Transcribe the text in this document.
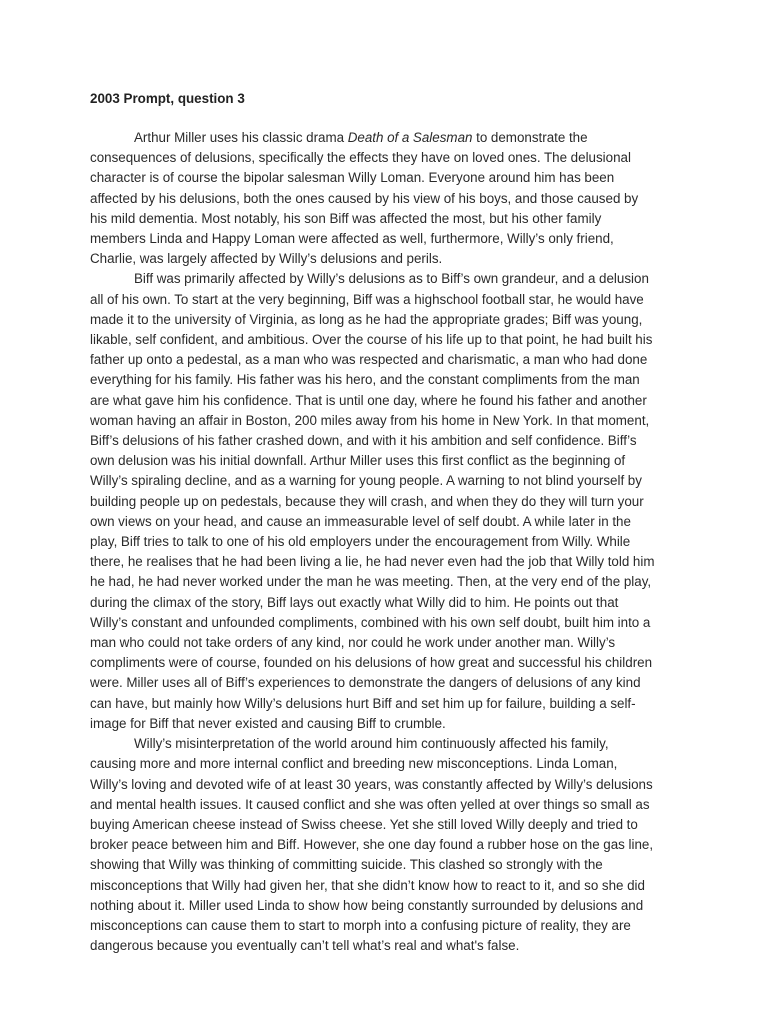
2003 Prompt, question 3

Arthur Miller uses his classic drama Death of a Salesman to demonstrate the
consequences of delusions, specifically the effects they have on loved ones. The delusional
character is of course the bipolar salesman Willy Loman. Everyone around him has been
affected by his delusions, both the ones caused by his view of his boys, and those caused by
his mild dementia. Most notably, his son Biff was affected the most, but his other family
members Linda and Happy Loman were affected as well, furthermore, Willy’s only friend,
Charlie, was largely affected by Willy’s delusions and perils.

Biff was primarily affected by Willy’s delusions as to Biff’s own grandeur, and a delusion
all of his own. To start at the very beginning, Biff was a highschool football star, he would have
made it to the university of Virginia, as long as he had the appropriate grades; Biff was young,
likable, self confident, and ambitious. Over the course of his life up to that point, he had built his
father up onto a pedestal, as a man who was respected and charismatic, a man who had done
everything for his family. His father was his hero, and the constant compliments from the man
are what gave him his confidence. That is until one day, where he found his father and another
woman having an affair in Boston, 200 miles away from his home in New York. In that moment,
Biff’s delusions of his father crashed down, and with it his ambition and self confidence. Biff’s
own delusion was his initial downfall. Arthur Miller uses this first conflict as the beginning of
Willy’s spiraling decline, and as a warning for young people. A warning to not blind yourself by
building people up on pedestals, because they will crash, and when they do they will turn your
own views on your head, and cause an immeasurable level of self doubt. A while later in the
play, Biff tries to talk to one of his old employers under the encouragement from Willy. While
there, he realises that he had been living a lie, he had never even had the job that Willy told him
he had, he had never worked under the man he was meeting. Then, at the very end of the play,
during the climax of the story, Biff lays out exactly what Willy did to him. He points out that
Willy’s constant and unfounded compliments, combined with his own self doubt, built him into a
man who could not take orders of any kind, nor could he work under another man. Willy’s
compliments were of course, founded on his delusions of how great and successful his children
were. Miller uses all of Biff’s experiences to demonstrate the dangers of delusions of any kind
can have, but mainly how Willy’s delusions hurt Biff and set him up for failure, building a self-
image for Biff that never existed and causing Biff to crumble.

Willy’s misinterpretation of the world around him continuously affected his family,
causing more and more internal conflict and breeding new misconceptions. Linda Loman,
Willy’s loving and devoted wife of at least 30 years, was constantly affected by Willy’s delusions
and mental health issues. It caused conflict and she was often yelled at over things so small as
buying American cheese instead of Swiss cheese. Yet she still loved Willy deeply and tried to
broker peace between him and Biff. However, she one day found a rubber hose on the gas line,
showing that Willy was thinking of committing suicide. This clashed so strongly with the
misconceptions that Willy had given her, that she didn’t know how to react to it, and so she did
nothing about it. Miller used Linda to show how being constantly surrounded by delusions and
misconceptions can cause them to start to morph into a confusing picture of reality, they are
dangerous because you eventually can’t tell what’s real and what's false.
